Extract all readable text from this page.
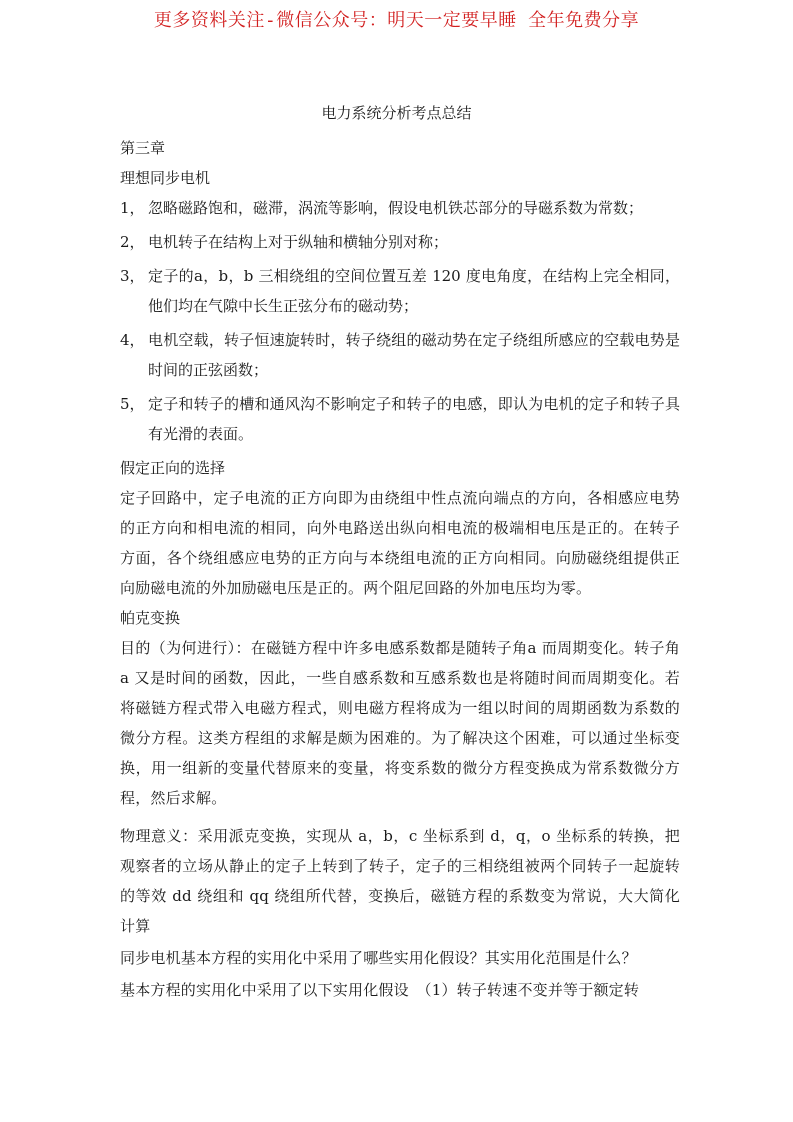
更多资料关注-微信公众号：明天一定要早睡 全年免费分享
电力系统分析考点总结

第三章

理想同步电机

1， 忽略磁路饱和，磁滞，涡流等影响，假设电机铁芯部分的导磁系数为常数；
2， 电机转子在结构上对于纵轴和横轴分别对称；
3， 定子的a，b，b 三相绕组的空间位置互差 120 度电角度，在结构上完全相同，他们均在气隙中长生正弦分布的磁动势；
4， 电机空载，转子恒速旋转时，转子绕组的磁动势在定子绕组所感应的空载电势是时间的正弦函数；
5， 定子和转子的槽和通风沟不影响定子和转子的电感，即认为电机的定子和转子具有光滑的表面。

假定正向的选择

定子回路中，定子电流的正方向即为由绕组中性点流向端点的方向，各相感应电势的正方向和相电流的相同，向外电路送出纵向相电流的极端相电压是正的。在转子方面，各个绕组感应电势的正方向与本绕组电流的正方向相同。向励磁绕组提供正向励磁电流的外加励磁电压是正的。两个阻尼回路的外加电压均为零。

帕克变换

目的（为何进行）：在磁链方程中许多电感系数都是随转子角a 而周期变化。转子角a 又是时间的函数，因此，一些自感系数和互感系数也是将随时间而周期变化。若将磁链方程式带入电磁方程式，则电磁方程将成为一组以时间的周期函数为系数的微分方程。这类方程组的求解是颇为困难的。为了解决这个困难，可以通过坐标变换，用一组新的变量代替原来的变量，将变系数的微分方程变换成为常系数微分方程，然后求解。

物理意义：采用派克变换，实现从 a，b，c 坐标系到 d，q，o 坐标系的转换，把观察者的立场从静止的定子上转到了转子，定子的三相绕组被两个同转子一起旋转的等效 dd 绕组和 qq 绕组所代替，变换后，磁链方程的系数变为常说，大大简化计算

同步电机基本方程的实用化中采用了哪些实用化假设？其实用化范围是什么？

基本方程的实用化中采用了以下实用化假设　（1）转子转速不变并等于额定转
